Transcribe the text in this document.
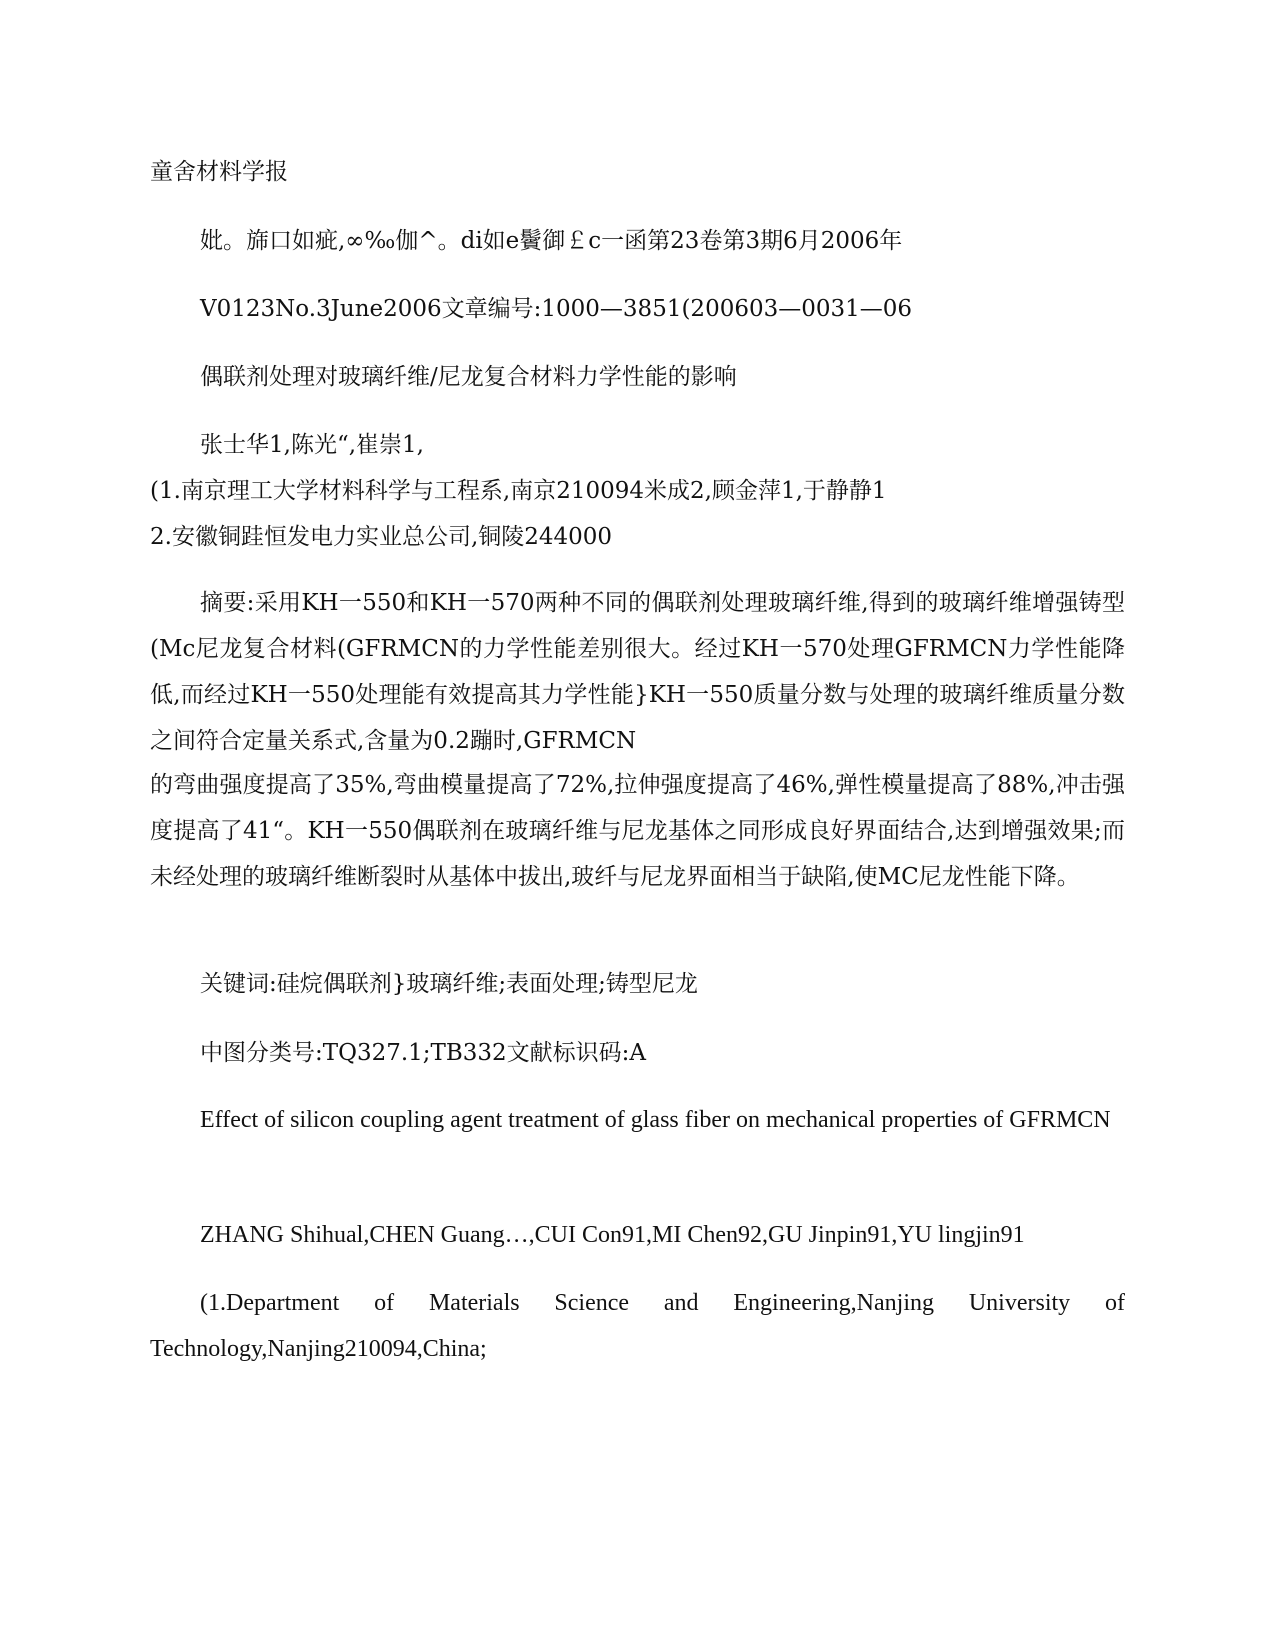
童舍材料学报
妣。旆口如疵,∞‰伽^。di如e鬢御￡c一函第23卷第3期6月2006年
V0123No.3June2006文章编号:1000—3851(200603—0031—06
偶联剂处理对玻璃纤维/尼龙复合材料力学性能的影响
张士华1,陈光“,崔崇1,
(1.南京理工大学材料科学与工程系,南京210094米成2,顾金萍1,于静静1
2.安徽铜跬恒发电力实业总公司,铜陵244000
摘要:采用KH一550和KH一570两种不同的偶联剂处理玻璃纤维,得到的玻璃纤维增强铸型(Mc尼龙复合材料(GFRMCN的力学性能差别很大。经过KH一570处理GFRMCN力学性能降低,而经过KH一550处理能有效提高其力学性能}KH一550质量分数与处理的玻璃纤维质量分数之间符合定量关系式,含量为0.2蹦时,GFRMCN
的弯曲强度提高了35%,弯曲模量提高了72%,拉伸强度提高了46%,弹性模量提高了88%,冲击强度提高了41“。KH一550偶联剂在玻璃纤维与尼龙基体之同形成良好界面结合,达到增强效果;而未经处理的玻璃纤维断裂时从基体中拔出,玻纤与尼龙界面相当于缺陷,使MC尼龙性能下降。
关键词:硅烷偶联剂}玻璃纤维;表面处理;铸型尼龙
中图分类号:TQ327.1;TB332文献标识码:A
Effect of silicon coupling agent treatment of glass fiber on mechanical properties of GFRMCN
ZHANG Shihual,CHEN Guang…,CUI Con91,MI Chen92,GU Jinpin91,YU lingjin91
(1.Department of Materials Science and Engineering,Nanjing University of Technology,Nanjing210094,China;
